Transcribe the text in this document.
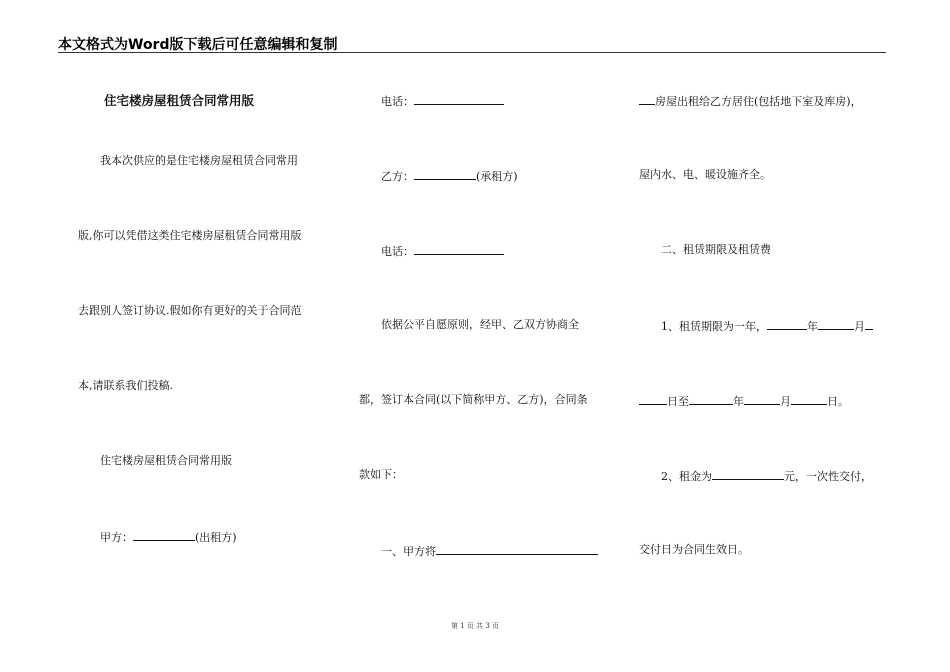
本文格式为Word版下载后可任意编辑和复制
住宅楼房屋租赁合同常用版
我本次供应的是住宅楼房屋租赁合同常用
版,你可以凭借这类住宅楼房屋租赁合同常用版
去跟别人签订协议.假如你有更好的关于合同范
本,请联系我们投稿.
住宅楼房屋租赁合同常用版
甲方：	(出租方)
电话：
乙方：	(承租方)
电话：
依据公平自愿原则，经甲、乙双方协商全
都，签订本合同(以下简称甲方、乙方)，合同条
款如下：
一、甲方将
房屋出租给乙方居住(包括地下室及库房)，
屋内水、电、暖设施齐全。
二、租赁期限及租赁费
1、租赁期限为一年，	年	月
日至	年	月	日。
2、租金为	元，一次性交付，
交付日为合同生效日。
第 1 页 共 3 页
